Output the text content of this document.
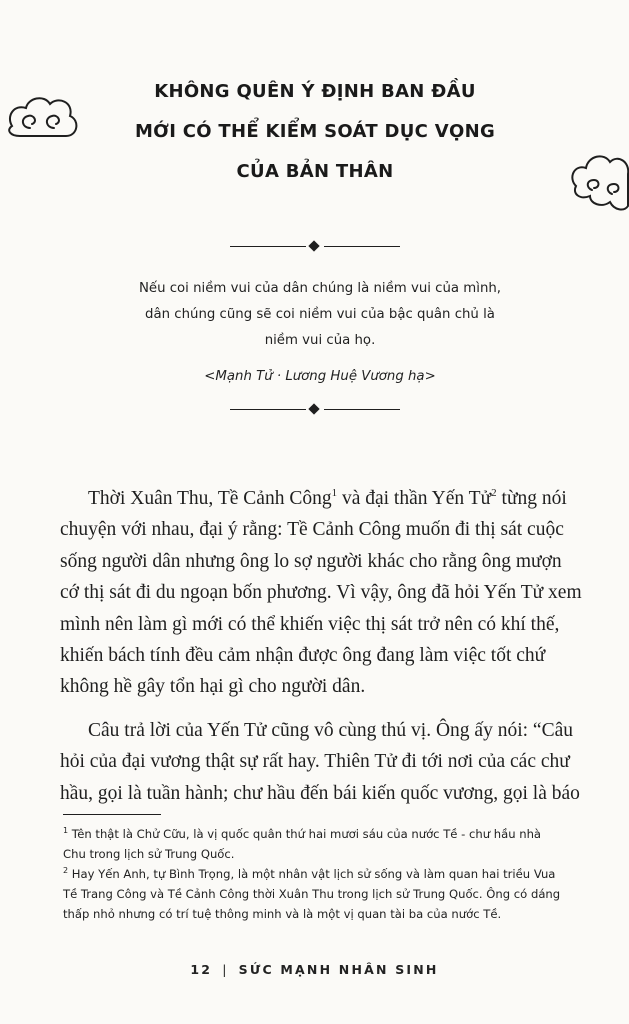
KHÔNG QUÊN Ý ĐỊNH BAN ĐẦU
MỚI CÓ THỂ KIỂM SOÁT DỤC VỌNG
CỦA BẢN THÂN
Nếu coi niềm vui của dân chúng là niềm vui của mình,
dân chúng cũng sẽ coi niềm vui của bậc quân chủ là
niềm vui của họ.
<Mạnh Tử · Lương Huệ Vương hạ>
Thời Xuân Thu, Tề Cảnh Công$^1$ và đại thần Yến Tử$^2$ từng nói
chuyện với nhau, đại ý rằng: Tề Cảnh Công muốn đi thị sát cuộc
sống người dân nhưng ông lo sợ người khác cho rằng ông mượn
cớ thị sát đi du ngoạn bốn phương. Vì vậy, ông đã hỏi Yến Tử xem
mình nên làm gì mới có thể khiến việc thị sát trở nên có khí thế,
khiến bách tính đều cảm nhận được ông đang làm việc tốt chứ
không hề gây tổn hại gì cho người dân.
Câu trả lời của Yến Tử cũng vô cùng thú vị. Ông ấy nói: “Câu
hỏi của đại vương thật sự rất hay. Thiên Tử đi tới nơi của các chư
hầu, gọi là tuần hành; chư hầu đến bái kiến quốc vương, gọi là báo
$^1$ Tên thật là Chử Cữu, là vị quốc quân thứ hai mươi sáu của nước Tề - chư hầu nhà
Chu trong lịch sử Trung Quốc.
$^2$ Hay Yến Anh, tự Bình Trọng, là một nhân vật lịch sử sống và làm quan hai triều Vua
Tề Trang Công và Tề Cảnh Công thời Xuân Thu trong lịch sử Trung Quốc. Ông có dáng
thấp nhỏ nhưng có trí tuệ thông minh và là một vị quan tài ba của nước Tề.
12 | SỨC MẠNH NHÂN SINH
